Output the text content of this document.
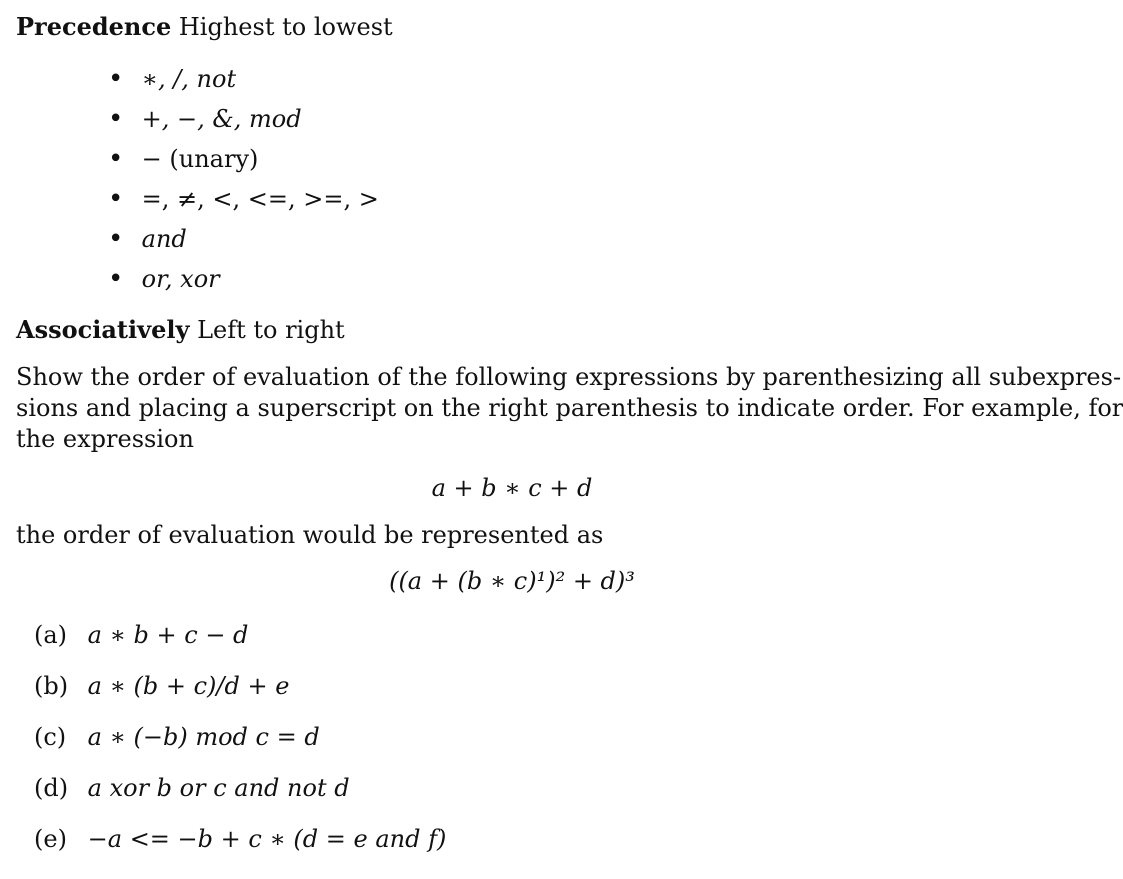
Precedence Highest to lowest
• ∗, /, not
• +, −, &, mod
• − (unary)
• =, ≠, <, <=, >=, >
• and
• or, xor
Associatively Left to right
Show the order of evaluation of the following expressions by parenthesizing all subexpres-
sions and placing a superscript on the right parenthesis to indicate order. For example, for
the expression
a + b ∗ c + d
the order of evaluation would be represented as
((a + (b ∗ c)¹)² + d)³
(a) a ∗ b + c − d
(b) a ∗ (b + c)/d + e
(c) a ∗ (−b) mod c = d
(d) a xor b or c and not d
(e) −a <= −b + c ∗ (d = e and f)
